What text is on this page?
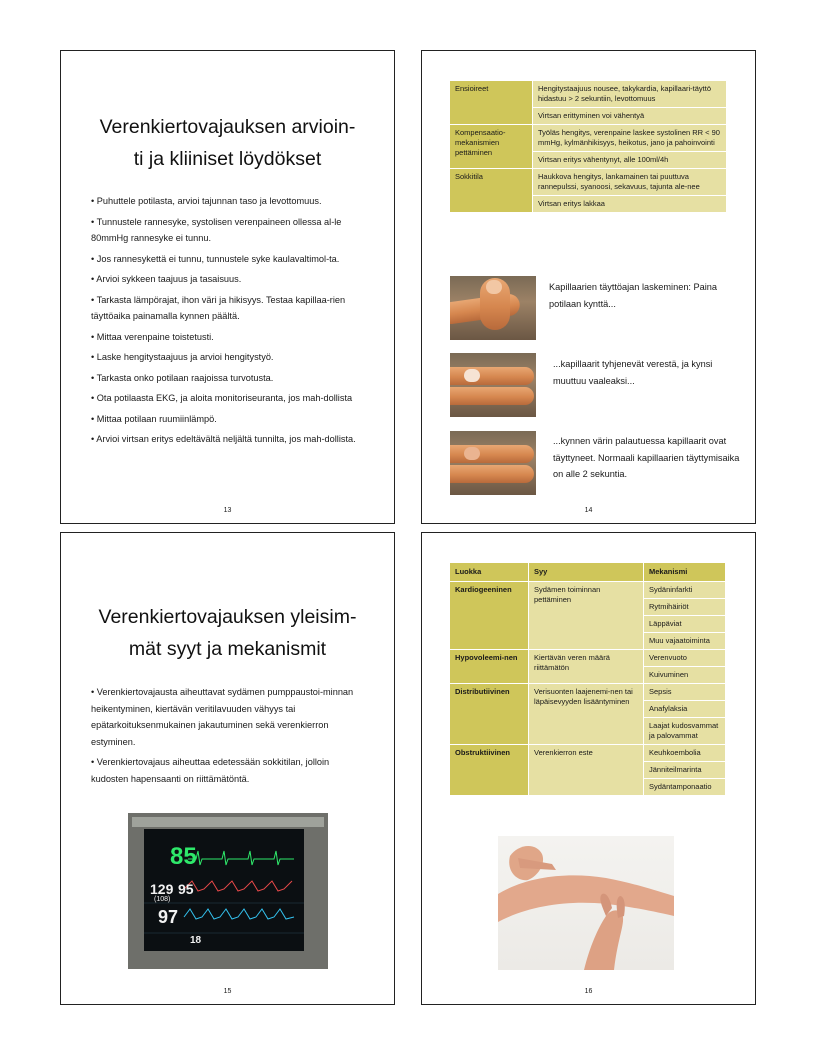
Verenkiertovajauksen arvioin-
ti ja kliiniset löydökset
• Puhuttele potilasta, arvioi tajunnan taso ja levottomuus.
• Tunnustele rannesyke, systolisen verenpaineen ollessa al-le 80mmHg rannesyke ei tunnu.
• Jos rannesykettä ei tunnu, tunnustele syke kaulavaltimol-ta.
• Arvioi sykkeen taajuus ja tasaisuus.
• Tarkasta lämpörajat, ihon väri ja hikisyys. Testaa kapillaa-rien täyttöaika painamalla kynnen päältä.
• Mittaa verenpaine toistetusti.
• Laske hengitystaajuus ja arvioi hengitystyö.
• Tarkasta onko potilaan raajoissa turvotusta.
• Ota potilaasta EKG, ja aloita monitoriseuranta, jos mah-dollista
• Mittaa potilaan ruumiinlämpö.
• Arvioi virtsan eritys edeltävältä neljältä tunnilta, jos mah-dollista.
13
Ensioireet	Hengitystaajuus nousee, takykardia, kapillaari-täyttö hidastuu > 2 sekuntiin, levottomuus
	Virtsan erittyminen voi vähentyä
Kompensaatio-mekanismien pettäminen	Työläs hengitys, verenpaine laskee systolinen RR < 90 mmHg, kylmänhikisyys, heikotus, jano ja pahoinvointi
	Virtsan eritys vähentynyt, alle 100ml/4h
Sokkitila	Haukkova hengitys, lankamainen tai puuttuva rannepulssi, syanoosi, sekavuus, tajunta ale-nee
	Virtsan eritys lakkaa
Kapillaarien täyttöajan laskeminen: Paina potilaan kynttä...
...kapillaarit tyhjenevät verestä, ja kynsi muuttuu vaaleaksi...
...kynnen värin palautuessa kapillaarit ovat täyttyneet. Normaali kapillaarien täyttymisaika on alle 2 sekuntia.
14
Verenkiertovajauksen yleisim-
mät syyt ja mekanismit
• Verenkiertovajausta aiheuttavat sydämen pumppaustoi-minnan heikentyminen, kiertävän veritilavuuden vähyys tai epätarkoituksenmukainen jakautuminen sekä verenkierron estyminen.
• Verenkiertovajaus aiheuttaa edetessään sokkitilan, jolloin kudosten hapensaanti on riittämätöntä.
85
129 95
(108)
97
18
15
Luokka	Syy	Mekanismi
Kardiogeeninen	Sydämen toiminnan pettäminen	Sydäninfarkti
		Rytmihäiriöt
		Läppäviat
		Muu vajaatoiminta
Hypovoleemi-nen	Kiertävän veren määrä riittämätön	Verenvuoto
		Kuivuminen
Distributiivinen	Verisuonten laajenemi-nen tai läpäisevyyden lisääntyminen	Sepsis
		Anafylaksia
		Laajat kudosvammat ja palovammat
Obstruktiivinen	Verenkierron este	Keuhkoembolia
		Jänniteilmarinta
		Sydäntamponaatio
16
